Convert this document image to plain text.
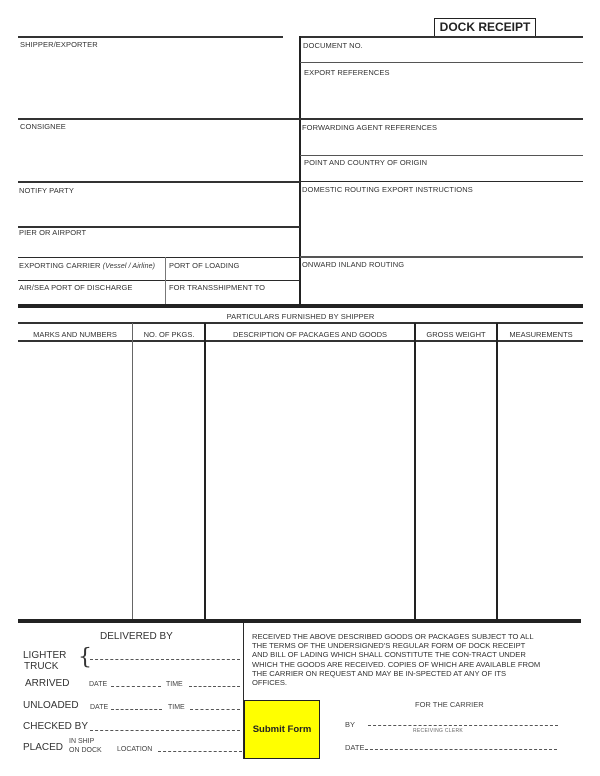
DOCK RECEIPT
SHIPPER/EXPORTER
CONSIGNEE
NOTIFY PARTY
PIER OR AIRPORT
EXPORTING CARRIER (Vessel / Airline) PORT OF LOADING
AIR/SEA PORT OF DISCHARGE	FOR TRANSSHIPMENT TO
DOCUMENT NO.
EXPORT REFERENCES
FORWARDING AGENT REFERENCES
POINT AND COUNTRY OF ORIGIN
DOMESTIC ROUTING EXPORT INSTRUCTIONS
ONWARD INLAND ROUTING
PARTICULARS FURNISHED BY SHIPPER
MARKS AND NUMBERS	NO. OF PKGS.	DESCRIPTION OF PACKAGES AND GOODS	GROSS WEIGHT	MEASUREMENTS
DELIVERED BY
LIGHTER
TRUCK {
ARRIVED	DATE	TIME
UNLOADED DATE	TIME
CHECKED BY
PLACED
IN SHIP
ON DOCK LOCATION
RECEIVED THE ABOVE DESCRIBED GOODS OR PACKAGES SUBJECT TO ALL THE TERMS OF THE UNDERSIGNED'S REGULAR FORM OF DOCK RECEIPT AND BILL OF LADING WHICH SHALL CONSTITUTE THE CON-TRACT UNDER WHICH THE GOODS ARE RECEIVED. COPIES OF WHICH ARE AVAILABLE FROM THE CARRIER ON REQUEST AND MAY BE IN-SPECTED AT ANY OF ITS OFFICES.
Submit Form
FOR THE CARRIER
BY
RECEIVING CLERK
DATE
